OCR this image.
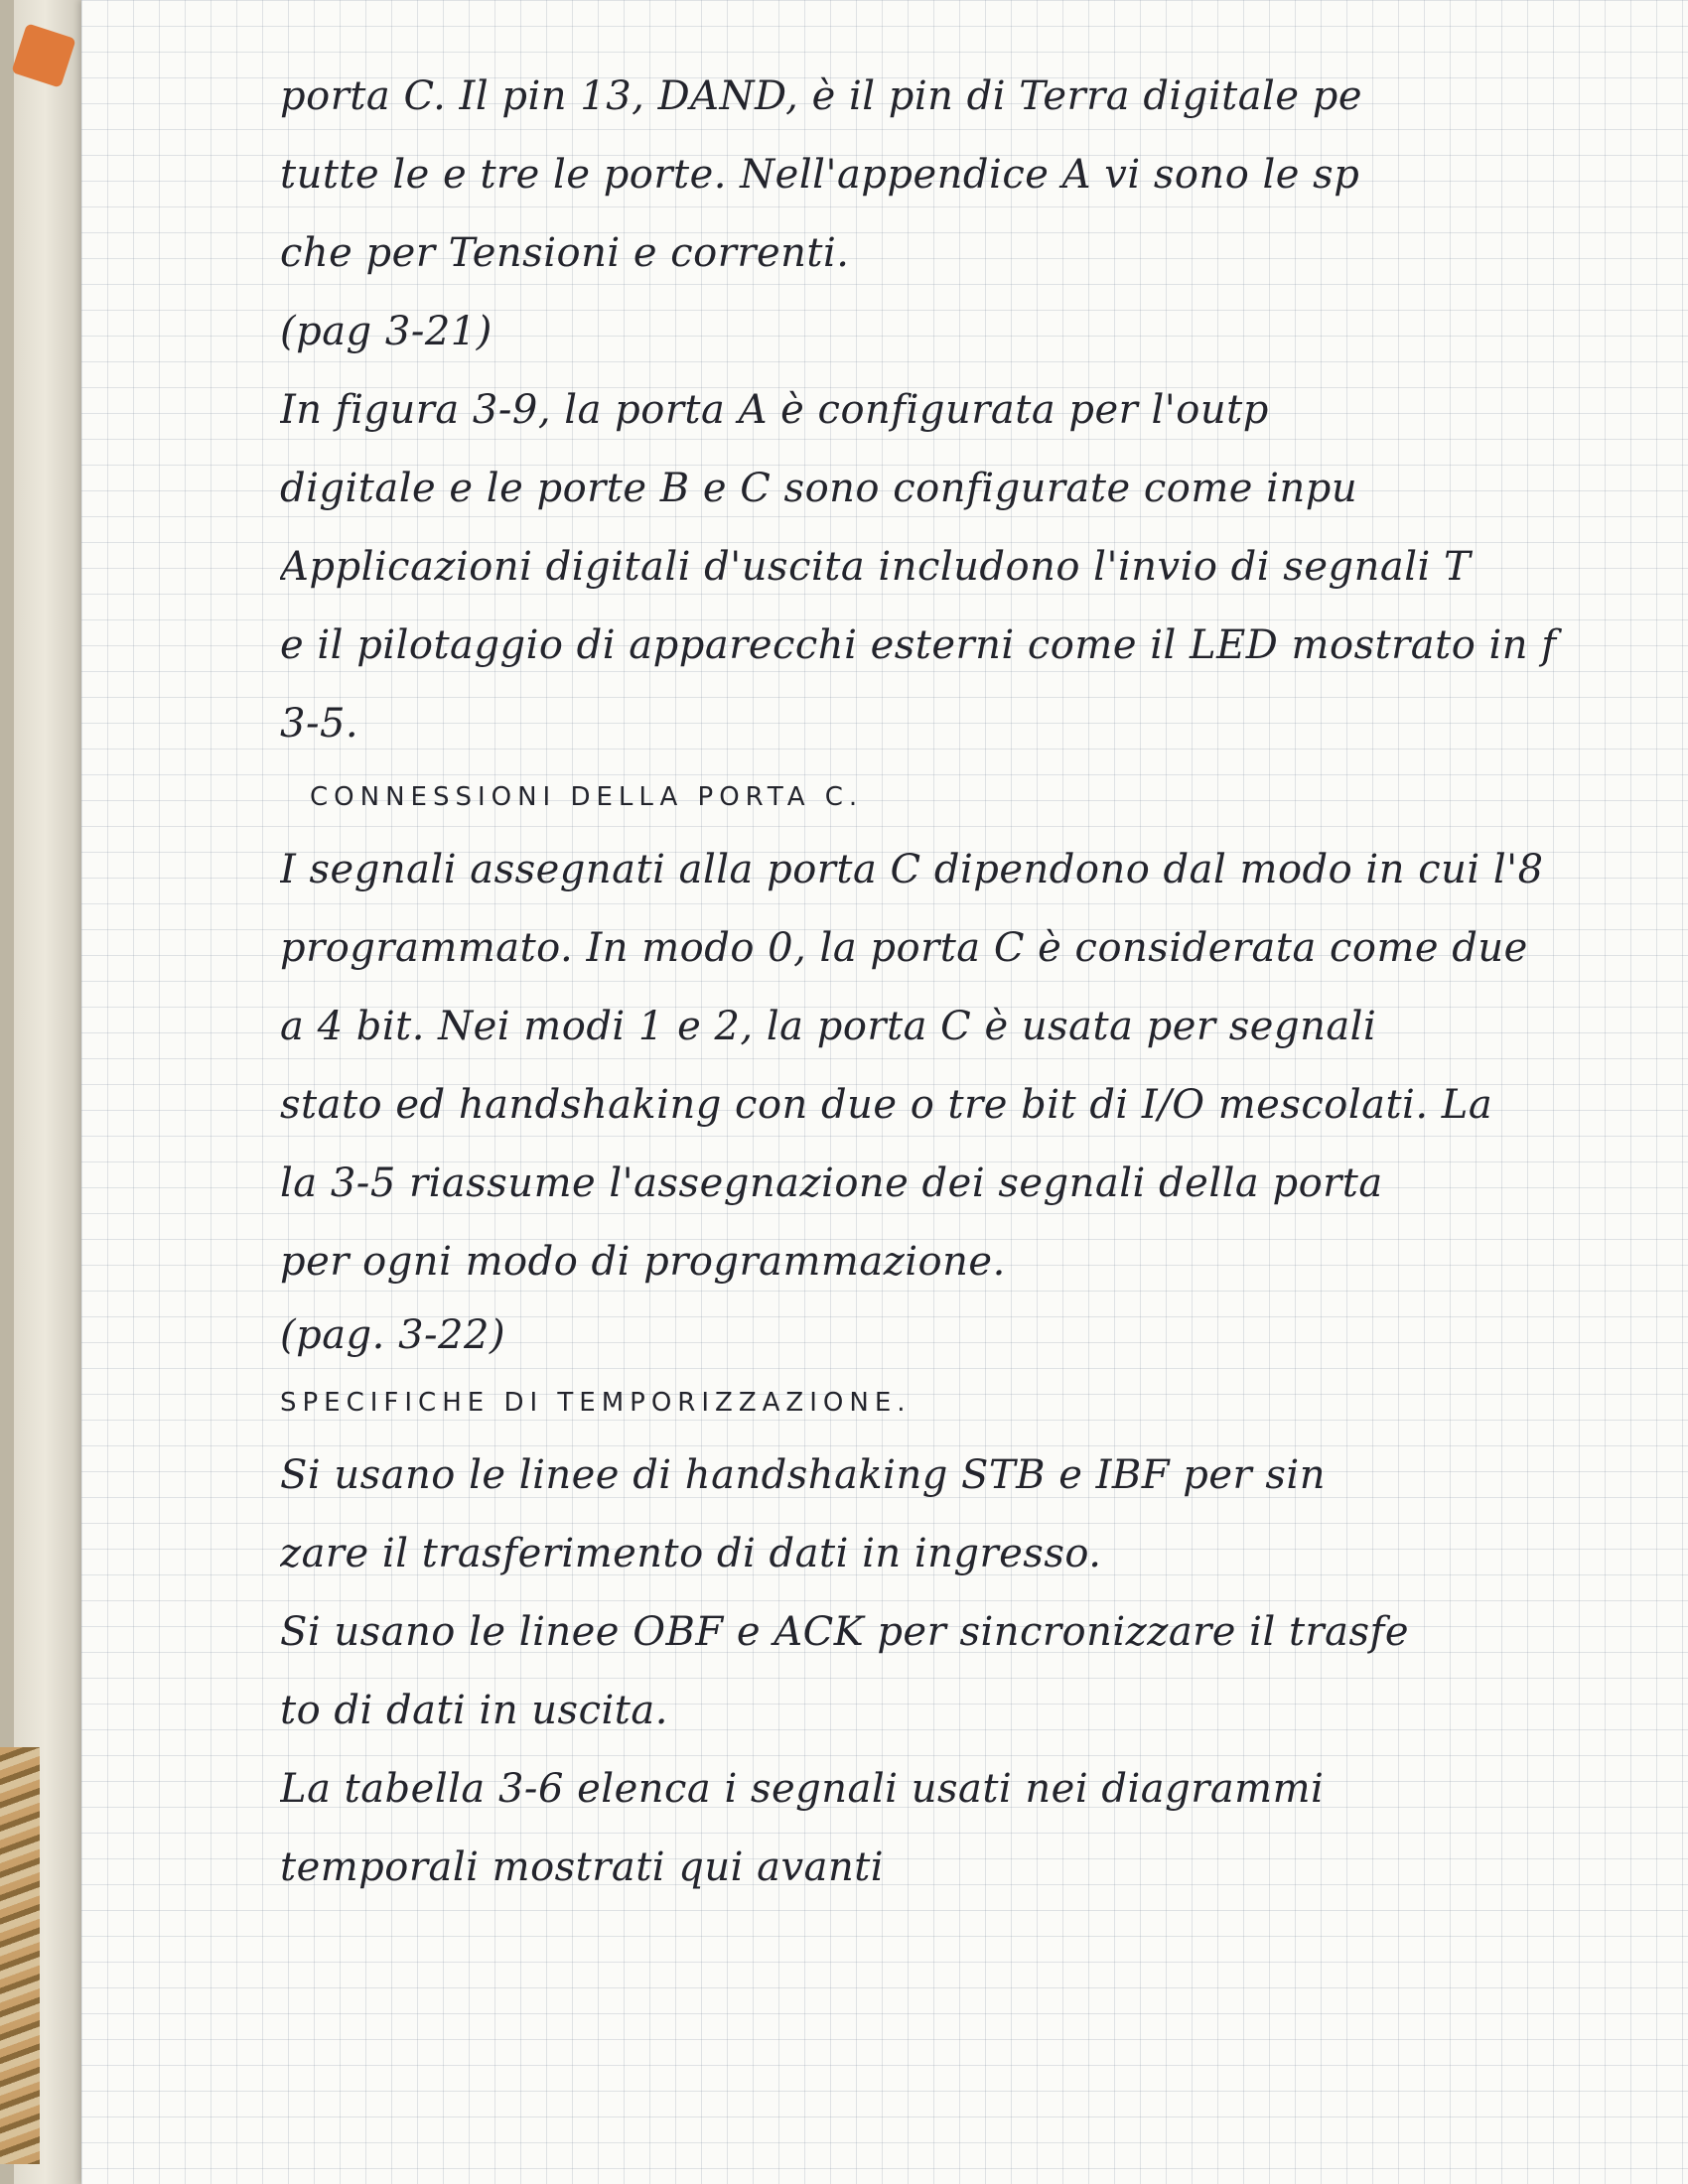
porta C. Il pin 13, DAND, è il pin di Terra digitale pe
tutte le e tre le porte. Nell'appendice A vi sono le sp
che per Tensioni e correnti.
(pag 3-21)
In figura 3-9, la porta A è configurata per l'outp
digitale e le porte B e C sono configurate come inpu
Applicazioni digitali d'uscita includono l'invio di segnali T
e il pilotaggio di apparecchi esterni come il LED mostrato in f
3-5.
CONNESSIONI DELLA PORTA C.
I segnali assegnati alla porta C dipendono dal modo in cui l'8
programmato. In modo 0, la porta C è considerata come due
a 4 bit. Nei modi 1 e 2, la porta C è usata per segnali
stato ed handshaking con due o tre bit di I/O mescolati. La
la 3-5 riassume l'assegnazione dei segnali della porta
per ogni modo di programmazione.
(pag. 3-22)
SPECIFICHE DI TEMPORIZZAZIONE.
Si usano le linee di handshaking STB e IBF per sin
zare il trasferimento di dati in ingresso.
Si usano le linee OBF e ACK per sincronizzare il trasfe
to di dati in uscita.
La tabella 3-6 elenca i segnali usati nei diagrammi
temporali mostrati qui avanti
